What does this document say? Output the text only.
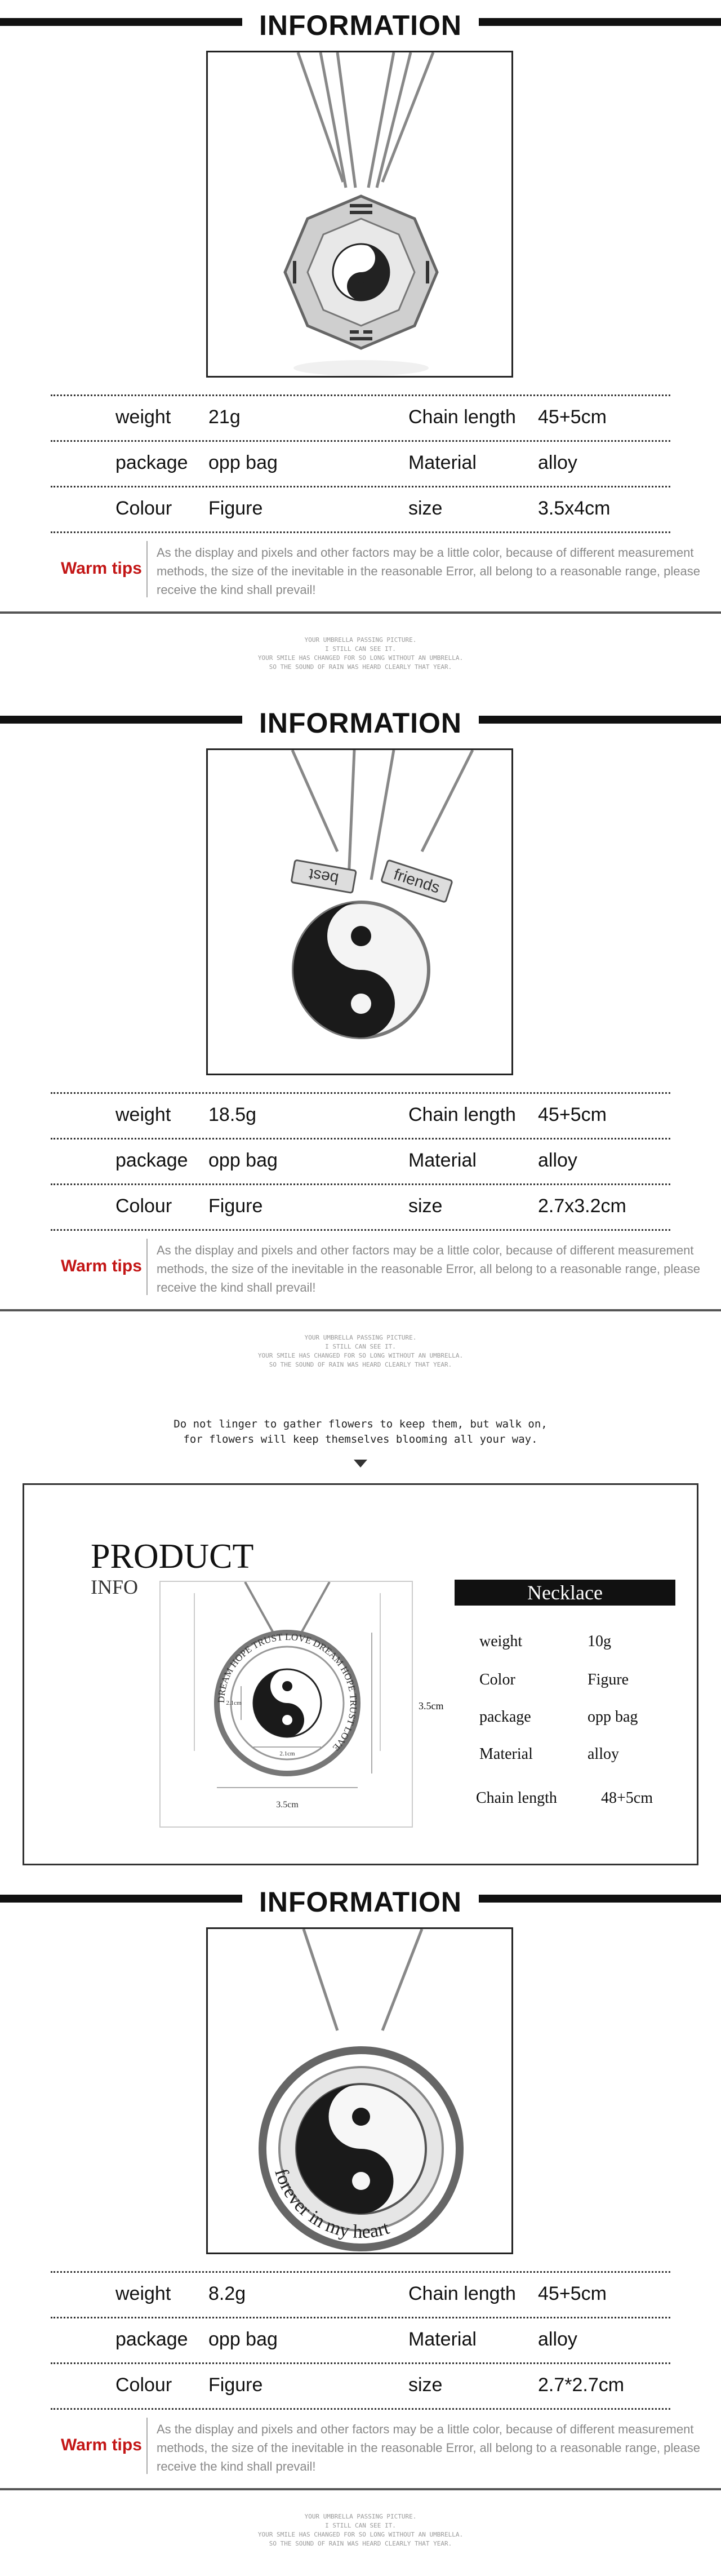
INFORMATION
weight 21g	Chain length 45+5cm
package opp bag	Material	alloy
Colour Figure	size	3.5x4cm
Warm tips
As the display and pixels and other factors may be a little color, because of different measurement methods, the size of the inevitable in the reasonable Error, all belong to a reasonable range, please receive the kind shall prevail!
YOUR UMBRELLA PASSING PICTURE.
I STILL CAN SEE IT.
YOUR SMILE HAS CHANGED FOR SO LONG WITHOUT AN UMBRELLA.
SO THE SOUND OF RAIN WAS HEARD CLEARLY THAT YEAR.
INFORMATION
best	friends
weight 18.5g	Chain length 45+5cm
package opp bag	Material	alloy
Colour Figure	size	2.7x3.2cm
Warm tips
As the display and pixels and other factors may be a little color, because of different measurement methods, the size of the inevitable in the reasonable Error, all belong to a reasonable range, please receive the kind shall prevail!
YOUR UMBRELLA PASSING PICTURE.
I STILL CAN SEE IT.
YOUR SMILE HAS CHANGED FOR SO LONG WITHOUT AN UMBRELLA.
SO THE SOUND OF RAIN WAS HEARD CLEARLY THAT YEAR.
Do not linger to gather flowers to keep them, but walk on,
for flowers will keep themselves blooming all your way.
PRODUCT
INFO
DREAM HOPE TRUST LOVE DREAM HOPE TRUST LOVE
3.5cm
2.1cm
2.1cm	3.5cm
Necklace
weight	10g
Color	Figure
package	opp bag
Material	alloy
Chain length	48+5cm
INFORMATION
forever in my heart
weight 8.2g	Chain length 45+5cm
package opp bag	Material	alloy
Colour Figure	size	2.7*2.7cm
Warm tips
As the display and pixels and other factors may be a little color, because of different measurement methods, the size of the inevitable in the reasonable Error, all belong to a reasonable range, please receive the kind shall prevail!
YOUR UMBRELLA PASSING PICTURE.
I STILL CAN SEE IT.
YOUR SMILE HAS CHANGED FOR SO LONG WITHOUT AN UMBRELLA.
SO THE SOUND OF RAIN WAS HEARD CLEARLY THAT YEAR.
